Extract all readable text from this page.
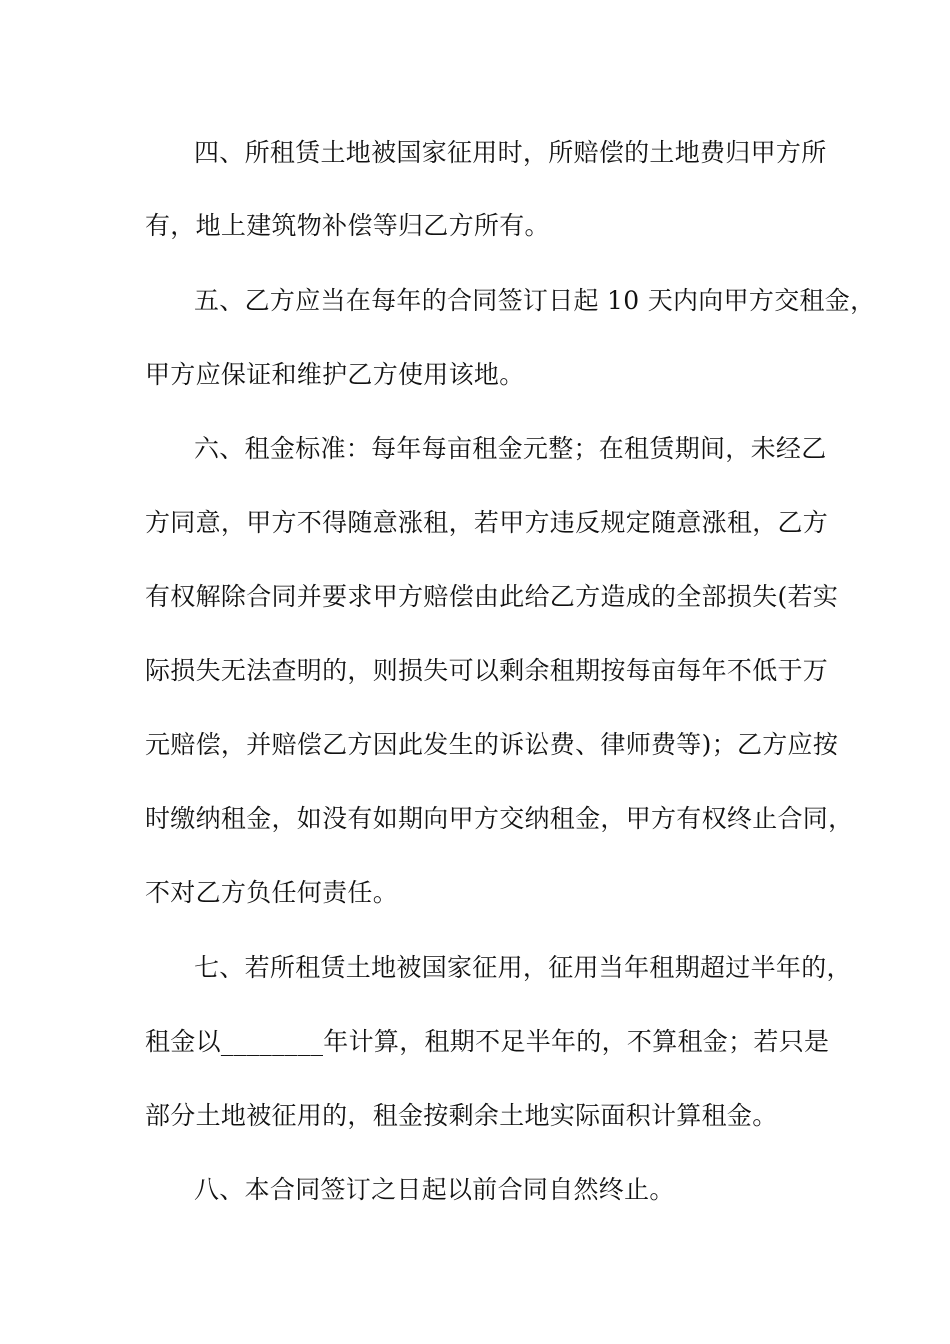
四、所租赁土地被国家征用时，所赔偿的土地费归甲方所
有，地上建筑物补偿等归乙方所有。
五、乙方应当在每年的合同签订日起 10 天内向甲方交租金，
甲方应保证和维护乙方使用该地。
六、租金标准：每年每亩租金元整；在租赁期间，未经乙
方同意，甲方不得随意涨租，若甲方违反规定随意涨租，乙方
有权解除合同并要求甲方赔偿由此给乙方造成的全部损失(若实
际损失无法查明的，则损失可以剩余租期按每亩每年不低于万
元赔偿，并赔偿乙方因此发生的诉讼费、律师费等)；乙方应按
时缴纳租金，如没有如期向甲方交纳租金，甲方有权终止合同，
不对乙方负任何责任。
七、若所租赁土地被国家征用，征用当年租期超过半年的，
租金以________年计算，租期不足半年的，不算租金；若只是
部分土地被征用的，租金按剩余土地实际面积计算租金。
八、本合同签订之日起以前合同自然终止。
